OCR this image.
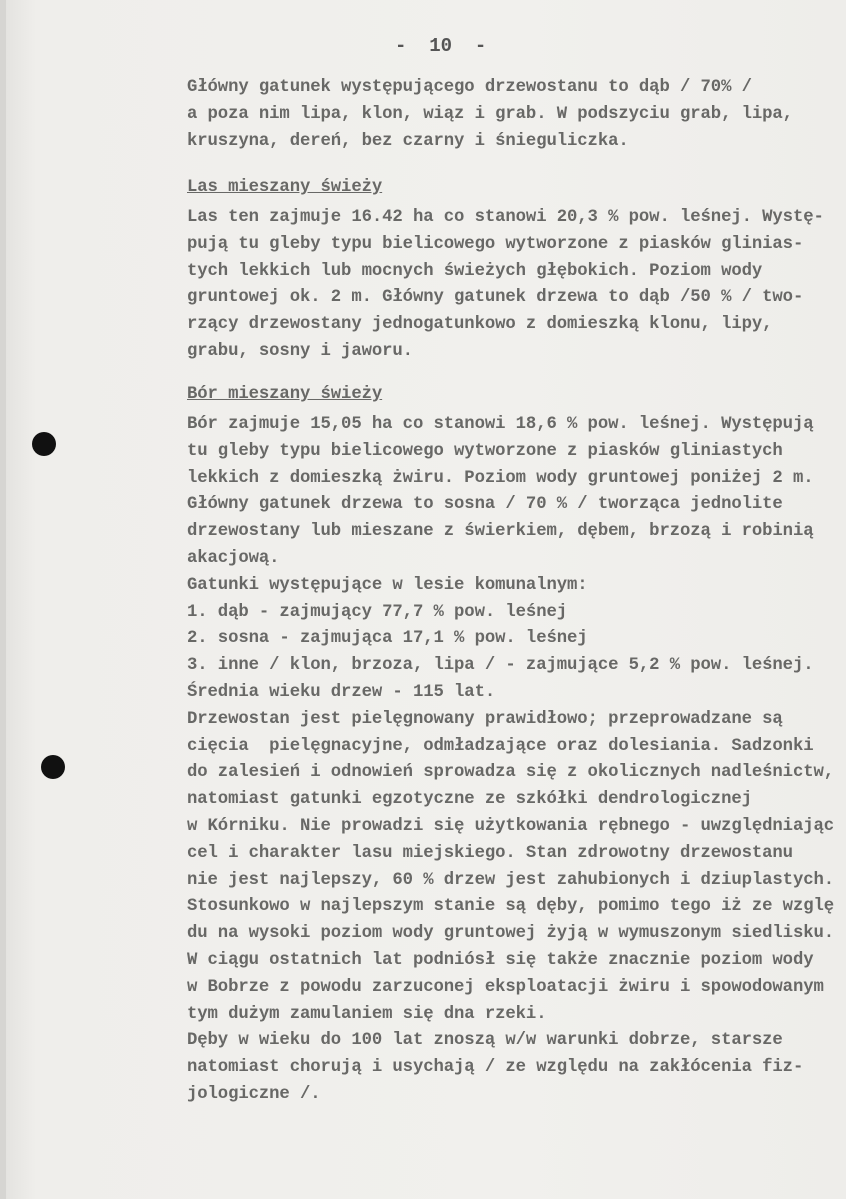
-  10  -
Główny gatunek występującego drzewostanu to dąb / 70% /
a poza nim lipa, klon, wiąz i grab. W podszyciu grab, lipa,
kruszyna, dereń, bez czarny i śnieguliczka.
Las mieszany świeży
Las ten zajmuje 16.42 ha co stanowi 20,3 % pow. leśnej. Wystę-
pują tu gleby typu bielicowego wytworzone z piasków glinias-
tych lekkich lub mocnych świeżych głębokich. Poziom wody
gruntowej ok. 2 m. Główny gatunek drzewa to dąb /50 % / two-
rzący drzewostany jednogatunkowo z domieszką klonu, lipy,
grabu, sosny i jaworu.
Bór mieszany świeży
Bór zajmuje 15,05 ha co stanowi 18,6 % pow. leśnej. Występują
tu gleby typu bielicowego wytworzone z piasków gliniastych
lekkich z domieszką żwiru. Poziom wody gruntowej poniżej 2 m.
Główny gatunek drzewa to sosna / 70 % / tworząca jednolite
drzewostany lub mieszane z świerkiem, dębem, brzozą i robinią
akacjową.
Gatunki występujące w lesie komunalnym:
1. dąb - zajmujący 77,7 % pow. leśnej
2. sosna - zajmująca 17,1 % pow. leśnej
3. inne / klon, brzoza, lipa / - zajmujące 5,2 % pow. leśnej.
Średnia wieku drzew - 115 lat.
Drzewostan jest pielęgnowany prawidłowo; przeprowadzane są
cięcia  pielęgnacyjne, odmładzające oraz dolesiania. Sadzonki
do zalesień i odnowień sprowadza się z okolicznych nadleśnictw,
natomiast gatunki egzotyczne ze szkółki dendrologicznej
w Kórniku. Nie prowadzi się użytkowania rębnego - uwzględniając
cel i charakter lasu miejskiego. Stan zdrowotny drzewostanu
nie jest najlepszy, 60 % drzew jest zahubionych i dziuplastych.
Stosunkowo w najlepszym stanie są dęby, pomimo tego iż ze wzglę
du na wysoki poziom wody gruntowej żyją w wymuszonym siedlisku.
W ciągu ostatnich lat podniósł się także znacznie poziom wody
w Bobrze z powodu zarzuconej eksploatacji żwiru i spowodowanym
tym dużym zamulaniem się dna rzeki.
Dęby w wieku do 100 lat znoszą w/w warunki dobrze, starsze
natomiast chorują i usychają / ze względu na zakłócenia fiz-
jologiczne /.
